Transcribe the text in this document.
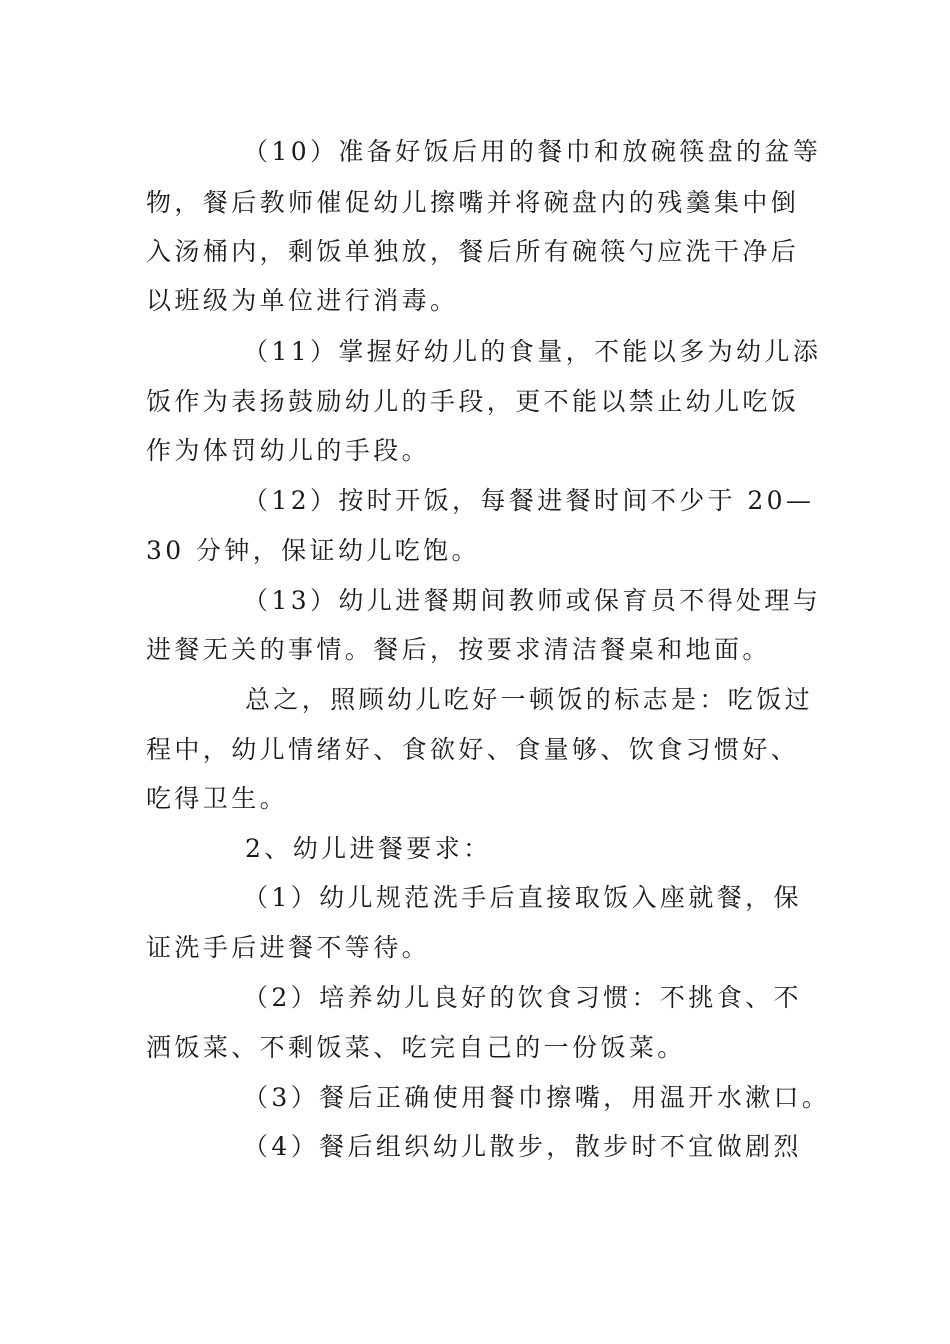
（10）准备好饭后用的餐巾和放碗筷盘的盆等
物，餐后教师催促幼儿擦嘴并将碗盘内的残羹集中倒
入汤桶内，剩饭单独放，餐后所有碗筷勺应洗干净后
以班级为单位进行消毒。
（11）掌握好幼儿的食量，不能以多为幼儿添
饭作为表扬鼓励幼儿的手段，更不能以禁止幼儿吃饭
作为体罚幼儿的手段。
（12）按时开饭，每餐进餐时间不少于 20—
30 分钟，保证幼儿吃饱。
（13）幼儿进餐期间教师或保育员不得处理与
进餐无关的事情。餐后，按要求清洁餐桌和地面。
总之，照顾幼儿吃好一顿饭的标志是：吃饭过
程中，幼儿情绪好、食欲好、食量够、饮食习惯好、
吃得卫生。
2、幼儿进餐要求：
（1）幼儿规范洗手后直接取饭入座就餐，保
证洗手后进餐不等待。
（2）培养幼儿良好的饮食习惯：不挑食、不
洒饭菜、不剩饭菜、吃完自己的一份饭菜。
（3）餐后正确使用餐巾擦嘴，用温开水漱口。
（4）餐后组织幼儿散步，散步时不宜做剧烈
